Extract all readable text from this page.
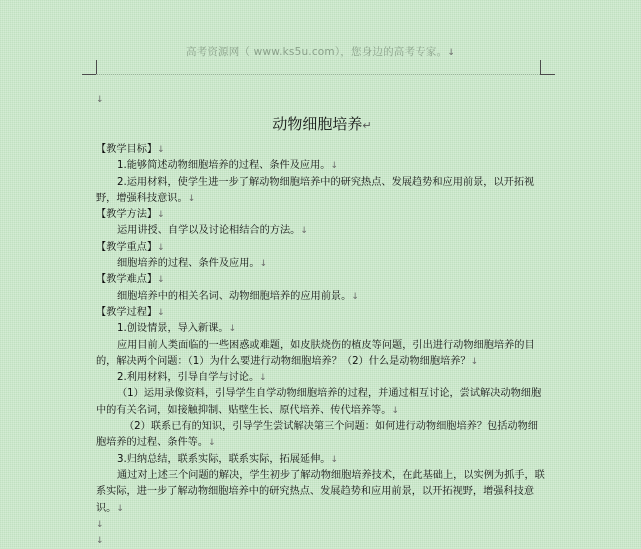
高考资源网（ www.ks5u.com），您身边的高考专家。↓

↓

动物细胞培养↵

【教学目标】↓

1.能够简述动物细胞培养的过程、条件及应用。↓

2.运用材料，使学生进一步了解动物细胞培养中的研究热点、发展趋势和应用前景，以开拓视野，增强科技意识。↓

【教学方法】↓

运用讲授、自学以及讨论相结合的方法。↓

【教学重点】↓

细胞培养的过程、条件及应用。↓

【教学难点】↓

细胞培养中的相关名词、动物细胞培养的应用前景。↓

【教学过程】↓

1.创设情景，导入新课。↓

应用目前人类面临的一些困惑或难题，如皮肤烧伤的植皮等问题，引出进行动物细胞培养的目的，解决两个问题：（1）为什么要进行动物细胞培养？（2）什么是动物细胞培养？↓

2.利用材料，引导自学与讨论。↓

（1）运用录像资料，引导学生自学动物细胞培养的过程，并通过相互讨论，尝试解决动物细胞中的有关名词，如接触抑制、贴壁生长、原代培养、传代培养等。↓

（2）联系已有的知识，引导学生尝试解决第三个问题：如何进行动物细胞培养？包括动物细胞培养的过程、条件等。↓

3.归纳总结，联系实际，联系实际，拓展延伸。↓

通过对上述三个问题的解决，学生初步了解动物细胞培养技术，在此基础上，以实例为抓手，联系实际，进一步了解动物细胞培养中的研究热点、发展趋势和应用前景，以开拓视野，增强科技意识。↓

↓

↓
